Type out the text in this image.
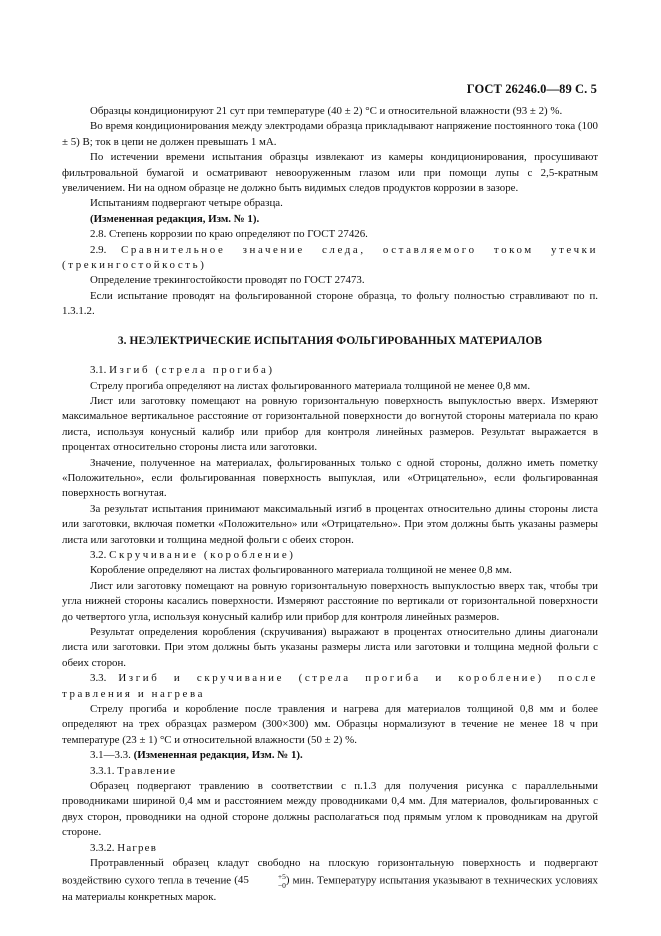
ГОСТ 26246.0—89 С. 5

Образцы кондиционируют 21 сут при температуре (40 ± 2) °С и относительной влажности (93 ± 2) %.

Во время кондиционирования между электродами образца прикладывают напряжение постоянного тока (100 ± 5) В; ток в цепи не должен превышать 1 мА.

По истечении времени испытания образцы извлекают из камеры кондиционирования, просушивают фильтровальной бумагой и осматривают невооруженным глазом или при помощи лупы с 2,5-кратным увеличением. Ни на одном образце не должно быть видимых следов продуктов коррозии в зазоре.

Испытаниям подвергают четыре образца.

(Измененная редакция, Изм. № 1).

2.8. Степень коррозии по краю определяют по ГОСТ 27426.

2.9. Сравнительное значение следа, оставляемого током утечки (трекингостойкость)

Определение трекингостойкости проводят по ГОСТ 27473.

Если испытание проводят на фольгированной стороне образца, то фольгу полностью стравливают по п. 1.3.1.2.

3. НЕЭЛЕКТРИЧЕСКИЕ ИСПЫТАНИЯ ФОЛЬГИРОВАННЫХ МАТЕРИАЛОВ

3.1. Изгиб (стрела прогиба)

Стрелу прогиба определяют на листах фольгированного материала толщиной не менее 0,8 мм.

Лист или заготовку помещают на ровную горизонтальную поверхность выпуклостью вверх. Измеряют максимальное вертикальное расстояние от горизонтальной поверхности до вогнутой стороны материала по краю листа, используя конусный калибр или прибор для контроля линейных размеров. Результат выражается в процентах относительно стороны листа или заготовки.

Значение, полученное на материалах, фольгированных только с одной стороны, должно иметь пометку «Положительно», если фольгированная поверхность выпуклая, или «Отрицательно», если фольгированная поверхность вогнутая.

За результат испытания принимают максимальный изгиб в процентах относительно длины стороны листа или заготовки, включая пометки «Положительно» или «Отрицательно». При этом должны быть указаны размеры листа или заготовки и толщина медной фольги с обеих сторон.

3.2. Скручивание (коробление)

Коробление определяют на листах фольгированного материала толщиной не менее 0,8 мм.

Лист или заготовку помещают на ровную горизонтальную поверхность выпуклостью вверх так, чтобы три угла нижней стороны касались поверхности. Измеряют расстояние по вертикали от горизонтальной поверхности до четвертого угла, используя конусный калибр или прибор для контроля линейных размеров.

Результат определения коробления (скручивания) выражают в процентах относительно длины диагонали листа или заготовки. При этом должны быть указаны размеры листа или заготовки и толщина медной фольги с обеих сторон.

3.3. Изгиб и скручивание (стрела прогиба и коробление) после травления и нагрева

Стрелу прогиба и коробление после травления и нагрева для материалов толщиной 0,8 мм и более определяют на трех образцах размером (300×300) мм. Образцы нормализуют в течение не менее 18 ч при температуре (23 ± 1) °С и относительной влажности (50 ± 2) %.

3.1—3.3. (Измененная редакция, Изм. № 1).

3.3.1. Травление

Образец подвергают травлению в соответствии с п.1.3 для получения рисунка с параллельными проводниками шириной 0,4 мм и расстоянием между проводниками 0,4 мм. Для материалов, фольгированных с двух сторон, проводники на одной стороне должны располагаться под прямым углом к проводникам на другой стороне.

3.3.2. Нагрев

Протравленный образец кладут свободно на плоскую горизонтальную поверхность и подвергают воздействию сухого тепла в течение (45	+5
−0 ) мин. Температуру испытания указывают в технических условиях на материалы конкретных марок.
